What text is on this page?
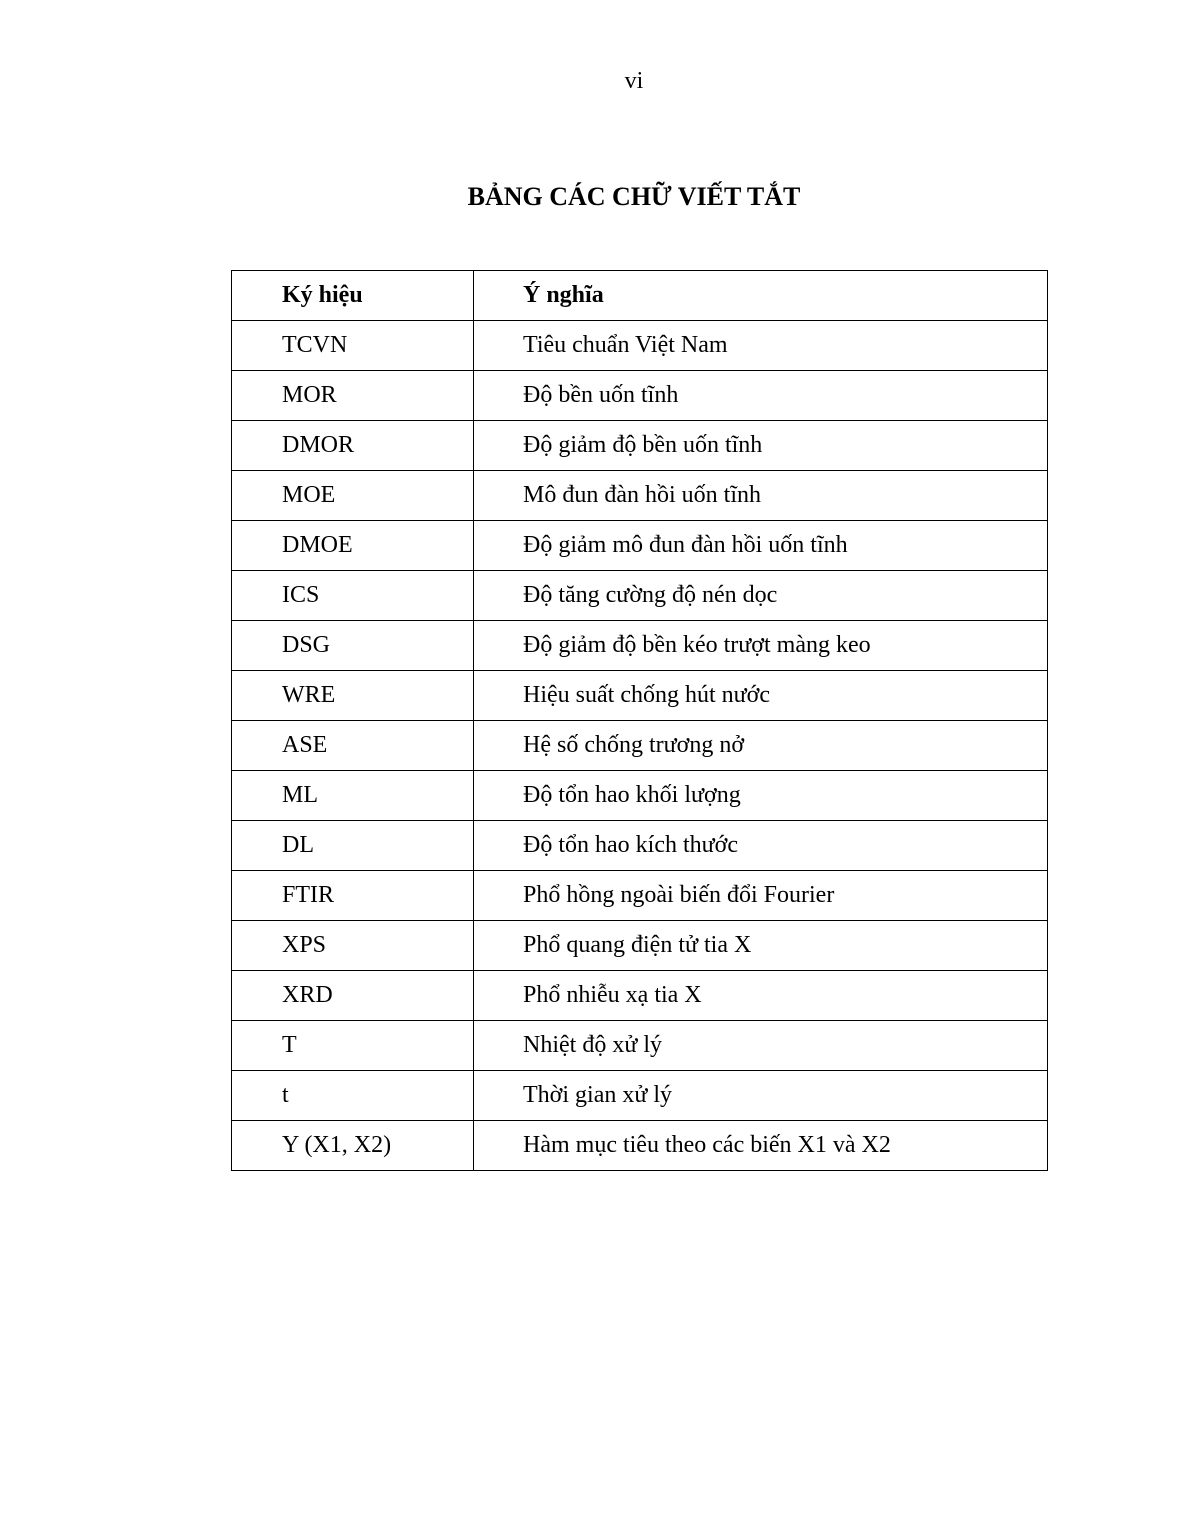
vi
BẢNG CÁC CHỮ VIẾT TẮT
Ký hiệu	Ý nghĩa
TCVN	Tiêu chuẩn Việt Nam
MOR	Độ bền uốn tĩnh
DMOR	Độ giảm độ bền uốn tĩnh
MOE	Mô đun đàn hồi uốn tĩnh
DMOE	Độ giảm mô đun đàn hồi uốn tĩnh
ICS	Độ tăng cường độ nén dọc
DSG	Độ giảm độ bền kéo trượt màng keo
WRE	Hiệu suất chống hút nước
ASE	Hệ số chống trương nở
ML	Độ tổn hao khối lượng
DL	Độ tổn hao kích thước
FTIR	Phổ hồng ngoài biến đổi Fourier
XPS	Phổ quang điện tử tia X
XRD	Phổ nhiễu xạ tia X
T	Nhiệt độ xử lý
t	Thời gian xử lý
Y (X1, X2)	Hàm mục tiêu theo các biến X1 và X2
